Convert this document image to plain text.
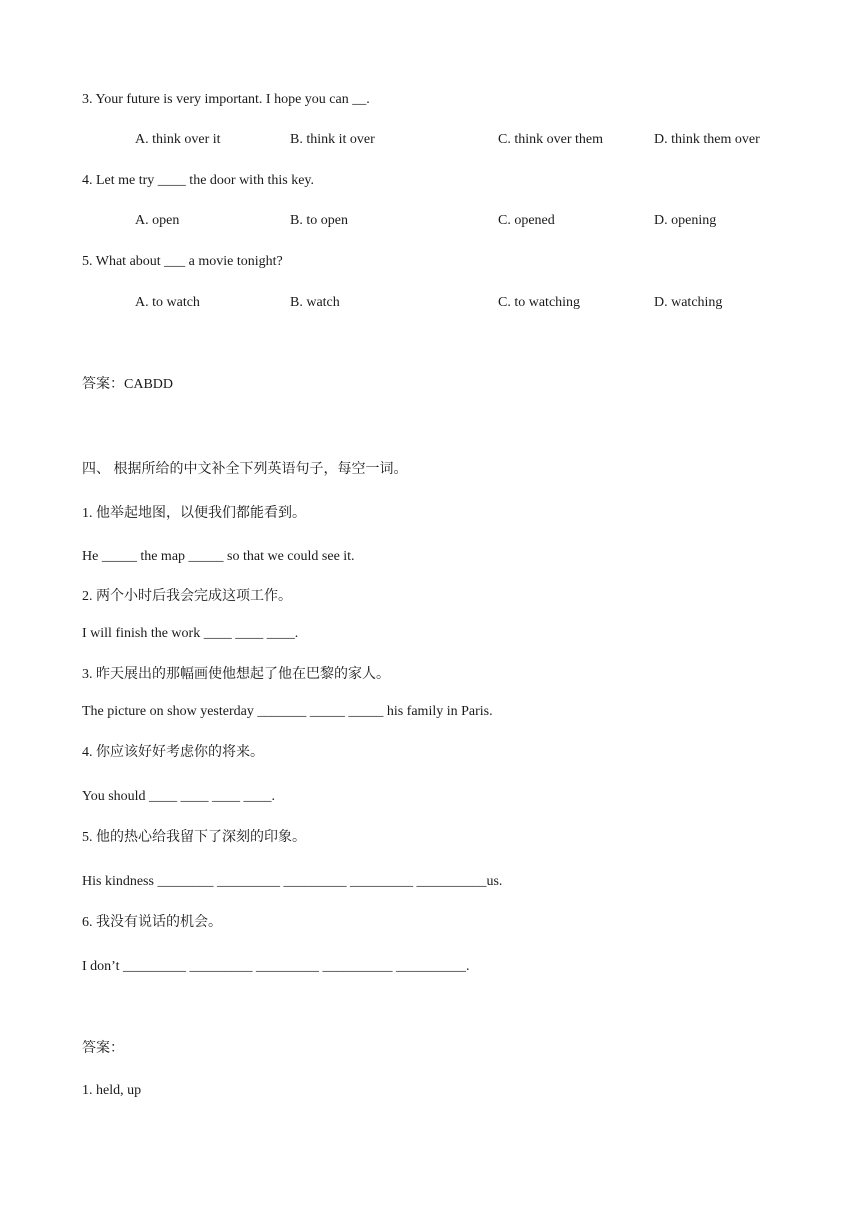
3. Your future is very important. I hope you can __.
A. think over it	B. think it over	C. think over them	D. think them over
4. Let me try ____ the door with this key.
A. open	B. to open	C. opened	D. opening
5. What about ___ a movie tonight?
A. to watch	B. watch	C. to watching	D. watching
答案：CABDD
四、 根据所给的中文补全下列英语句子，每空一词。
1. 他举起地图，以便我们都能看到。
He _____ the map _____ so that we could see it.
2. 两个小时后我会完成这项工作。
I will finish the work ____ ____ ____.
3. 昨天展出的那幅画使他想起了他在巴黎的家人。
The picture on show yesterday _______ _____ _____ his family in Paris.
4. 你应该好好考虑你的将来。
You should ____ ____ ____ ____.
5. 他的热心给我留下了深刻的印象。
His kindness ________ _________ _________ _________ __________us.
6. 我没有说话的机会。
I don’t _________ _________ _________ __________ __________.
答案：
1. held, up
